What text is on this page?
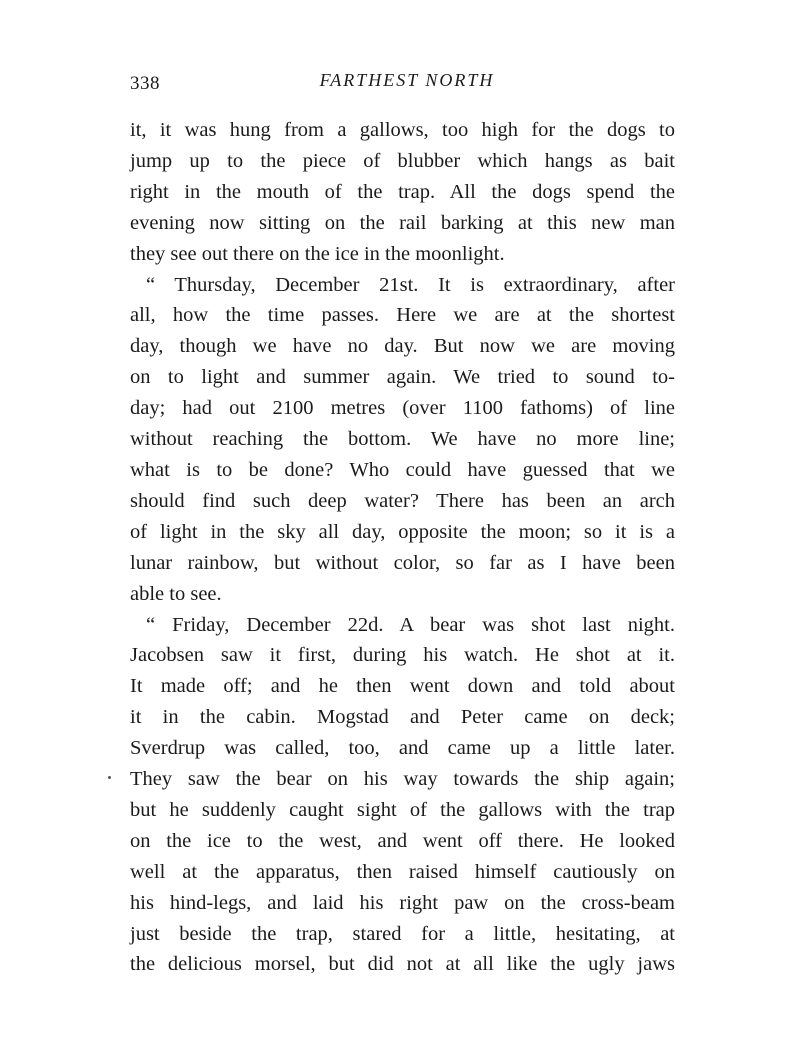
338	FARTHEST NORTH
it, it was hung from a gallows, too high for the dogs to
jump up to the piece of blubber which hangs as bait
right in the mouth of the trap. All the dogs spend the
evening now sitting on the rail barking at this new man
they see out there on the ice in the moonlight.
“ Thursday, December 21st. It is extraordinary, after
all, how the time passes. Here we are at the shortest
day, though we have no day. But now we are moving
on to light and summer again. We tried to sound to-
day; had out 2100 metres (over 1100 fathoms) of line
without reaching the bottom. We have no more line;
what is to be done? Who could have guessed that we
should find such deep water? There has been an arch
of light in the sky all day, opposite the moon; so it is a
lunar rainbow, but without color, so far as I have been
able to see.
“ Friday, December 22d. A bear was shot last night.
Jacobsen saw it first, during his watch. He shot at it.
It made off; and he then went down and told about
it in the cabin. Mogstad and Peter came on deck;
Sverdrup was called, too, and came up a little later.
They saw the bear on his way towards the ship again;
but he suddenly caught sight of the gallows with the trap
on the ice to the west, and went off there. He looked
well at the apparatus, then raised himself cautiously on
his hind-legs, and laid his right paw on the cross-beam
just beside the trap, stared for a little, hesitating, at
the delicious morsel, but did not at all like the ugly jaws
